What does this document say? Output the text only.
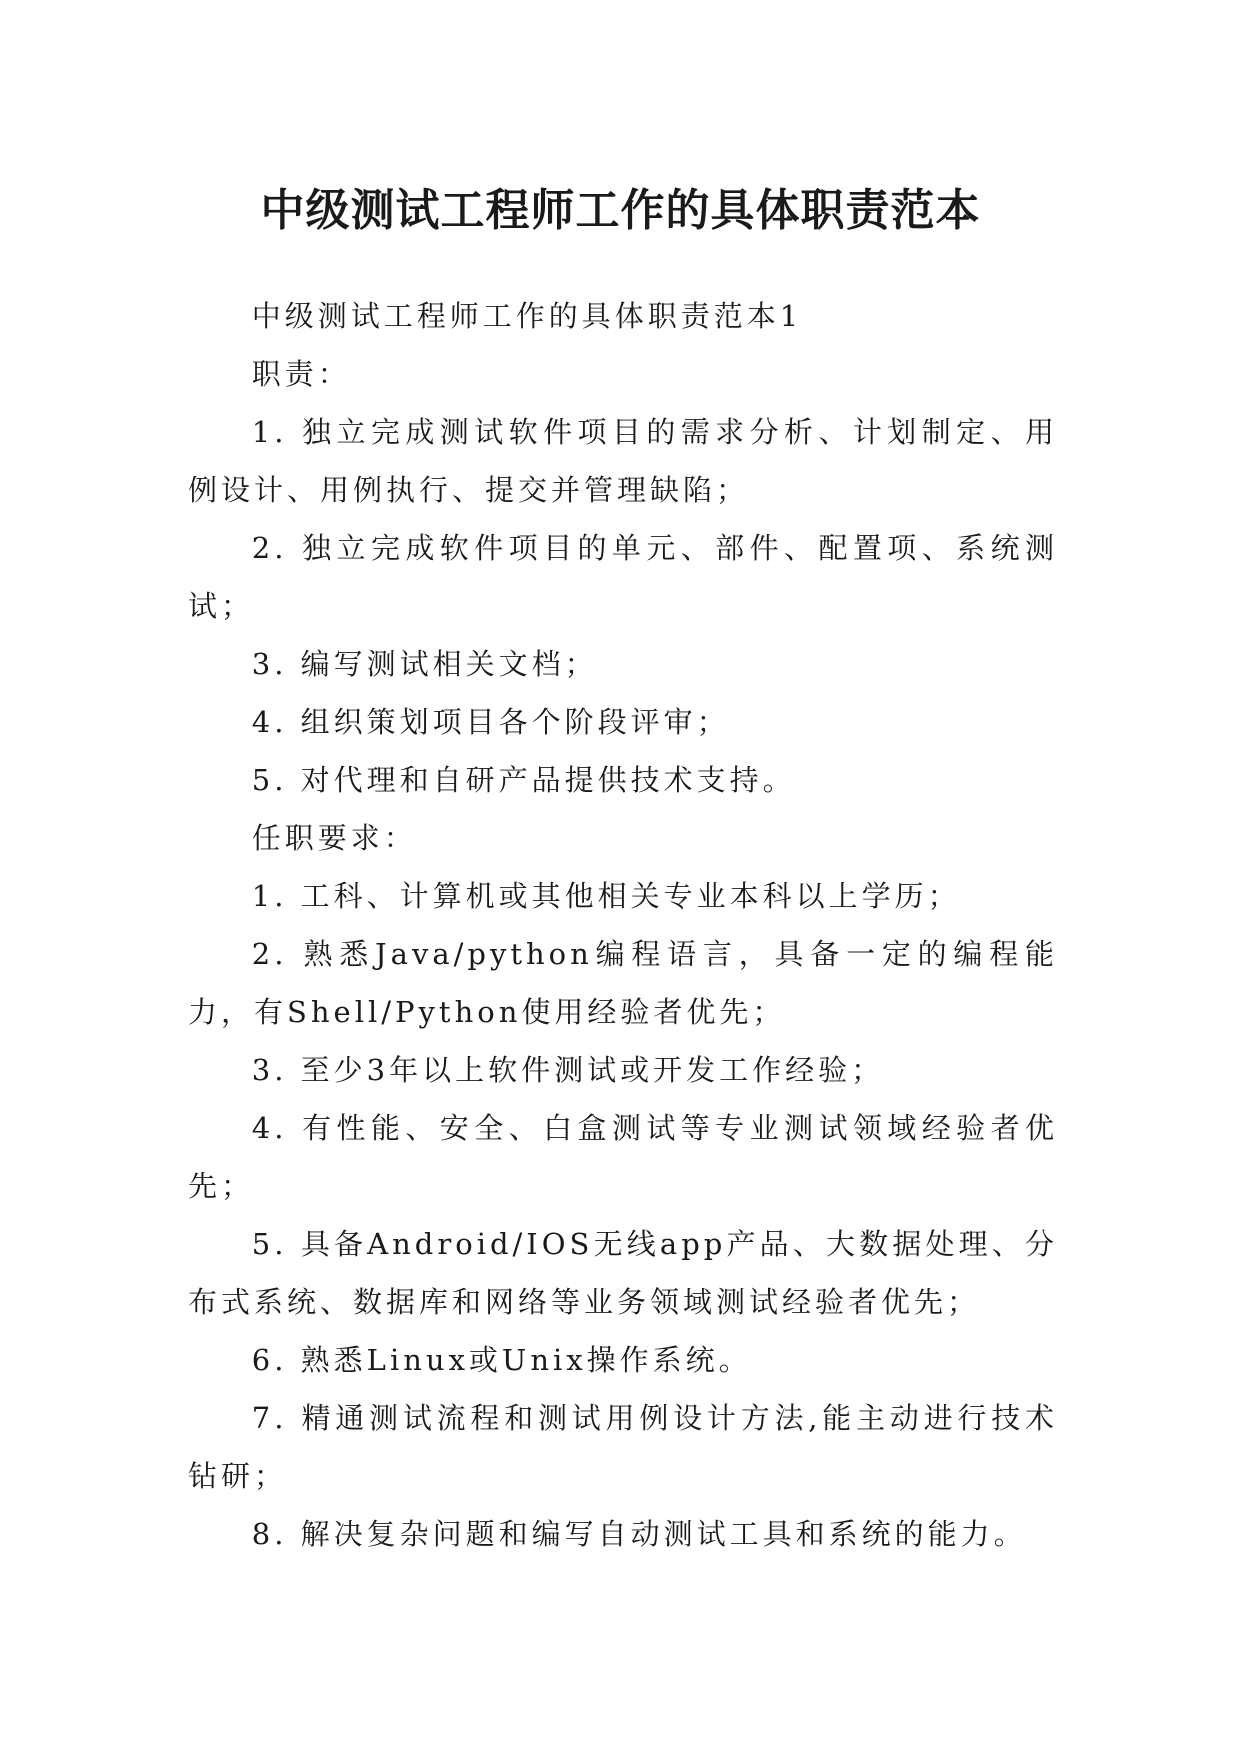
中级测试工程师工作的具体职责范本

中级测试工程师工作的具体职责范本1

职责：

1. 独立完成测试软件项目的需求分析、计划制定、用例设计、用例执行、提交并管理缺陷；

2. 独立完成软件项目的单元、部件、配置项、系统测试；

3. 编写测试相关文档；

4. 组织策划项目各个阶段评审；

5. 对代理和自研产品提供技术支持。

任职要求：

1. 工科、计算机或其他相关专业本科以上学历；

2. 熟悉Java/python编程语言，具备一定的编程能力，有Shell/Python使用经验者优先；

3. 至少3年以上软件测试或开发工作经验；

4. 有性能、安全、白盒测试等专业测试领域经验者优先；

5. 具备Android/IOS无线app产品、大数据处理、分布式系统、数据库和网络等业务领域测试经验者优先；

6. 熟悉Linux或Unix操作系统。

7. 精通测试流程和测试用例设计方法,能主动进行技术钻研；

8. 解决复杂问题和编写自动测试工具和系统的能力。
